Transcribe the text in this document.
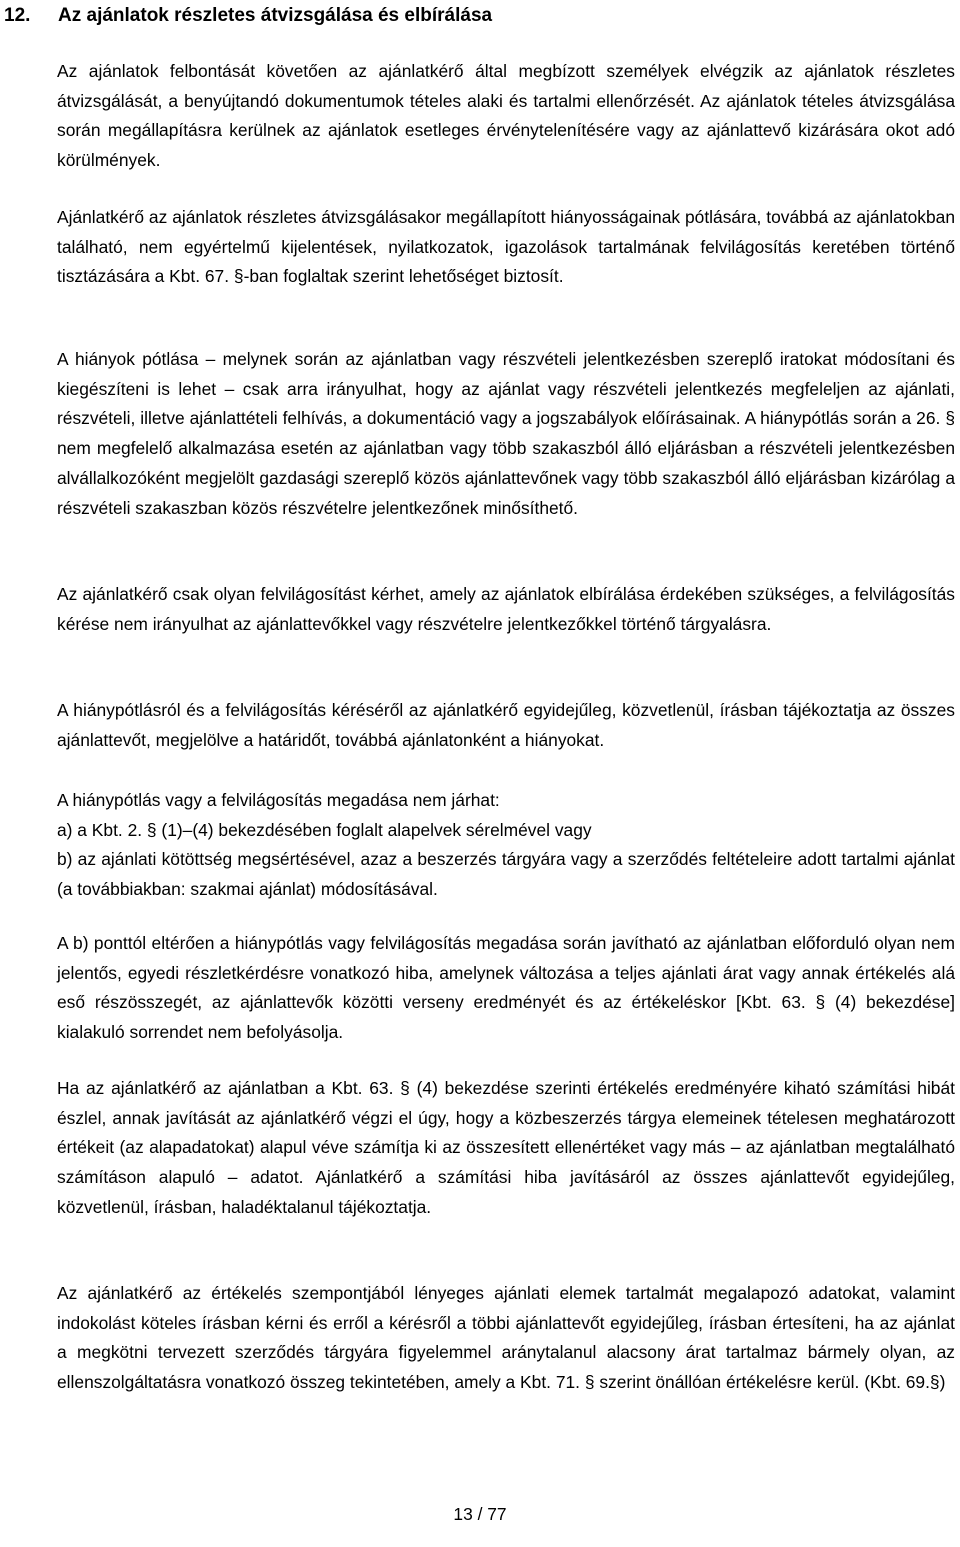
12. Az ajánlatok részletes átvizsgálása és elbírálása

Az ajánlatok felbontását követően az ajánlatkérő által megbízott személyek elvégzik az ajánlatok részletes átvizsgálását, a benyújtandó dokumentumok tételes alaki és tartalmi ellenőrzését. Az ajánlatok tételes átvizsgálása során megállapításra kerülnek az ajánlatok esetleges érvénytelenítésére vagy az ajánlattevő kizárására okot adó körülmények.

Ajánlatkérő az ajánlatok részletes átvizsgálásakor megállapított hiányosságainak pótlására, továbbá az ajánlatokban található, nem egyértelmű kijelentések, nyilatkozatok, igazolások tartalmának felvilágosítás keretében történő tisztázására a Kbt. 67. §-ban foglaltak szerint lehetőséget biztosít.

A hiányok pótlása – melynek során az ajánlatban vagy részvételi jelentkezésben szereplő iratokat módosítani és kiegészíteni is lehet – csak arra irányulhat, hogy az ajánlat vagy részvételi jelentkezés megfeleljen az ajánlati, részvételi, illetve ajánlattételi felhívás, a dokumentáció vagy a jogszabályok előírásainak. A hiánypótlás során a 26. § nem megfelelő alkalmazása esetén az ajánlatban vagy több szakaszból álló eljárásban a részvételi jelentkezésben alvállalkozóként megjelölt gazdasági szereplő közös ajánlattevőnek vagy több szakaszból álló eljárásban kizárólag a részvételi szakaszban közös részvételre jelentkezőnek minősíthető.

Az ajánlatkérő csak olyan felvilágosítást kérhet, amely az ajánlatok elbírálása érdekében szükséges, a felvilágosítás kérése nem irányulhat az ajánlattevőkkel vagy részvételre jelentkezőkkel történő tárgyalásra.

A hiánypótlásról és a felvilágosítás kéréséről az ajánlatkérő egyidejűleg, közvetlenül, írásban tájékoztatja az összes ajánlattevőt, megjelölve a határidőt, továbbá ajánlatonként a hiányokat.

A hiánypótlás vagy a felvilágosítás megadása nem járhat:

a) a Kbt. 2. § (1)–(4) bekezdésében foglalt alapelvek sérelmével vagy

b) az ajánlati kötöttség megsértésével, azaz a beszerzés tárgyára vagy a szerződés feltételeire adott tartalmi ajánlat (a továbbiakban: szakmai ajánlat) módosításával.

A b) ponttól eltérően a hiánypótlás vagy felvilágosítás megadása során javítható az ajánlatban előforduló olyan nem jelentős, egyedi részletkérdésre vonatkozó hiba, amelynek változása a teljes ajánlati árat vagy annak értékelés alá eső részösszegét, az ajánlattevők közötti verseny eredményét és az értékeléskor [Kbt. 63. § (4) bekezdése] kialakuló sorrendet nem befolyásolja.

Ha az ajánlatkérő az ajánlatban a Kbt. 63. § (4) bekezdése szerinti értékelés eredményére kiható számítási hibát észlel, annak javítását az ajánlatkérő végzi el úgy, hogy a közbeszerzés tárgya elemeinek tételesen meghatározott értékeit (az alapadatokat) alapul véve számítja ki az összesített ellenértéket vagy más – az ajánlatban megtalálható számításon alapuló – adatot. Ajánlatkérő a számítási hiba javításáról az összes ajánlattevőt egyidejűleg, közvetlenül, írásban, haladéktalanul tájékoztatja.

Az ajánlatkérő az értékelés szempontjából lényeges ajánlati elemek tartalmát megalapozó adatokat, valamint indokolást köteles írásban kérni és erről a kérésről a többi ajánlattevőt egyidejűleg, írásban értesíteni, ha az ajánlat a megkötni tervezett szerződés tárgyára figyelemmel aránytalanul alacsony árat tartalmaz bármely olyan, az ellenszolgáltatásra vonatkozó összeg tekintetében, amely a Kbt. 71. § szerint önállóan értékelésre kerül. (Kbt. 69.§)

13 / 77
